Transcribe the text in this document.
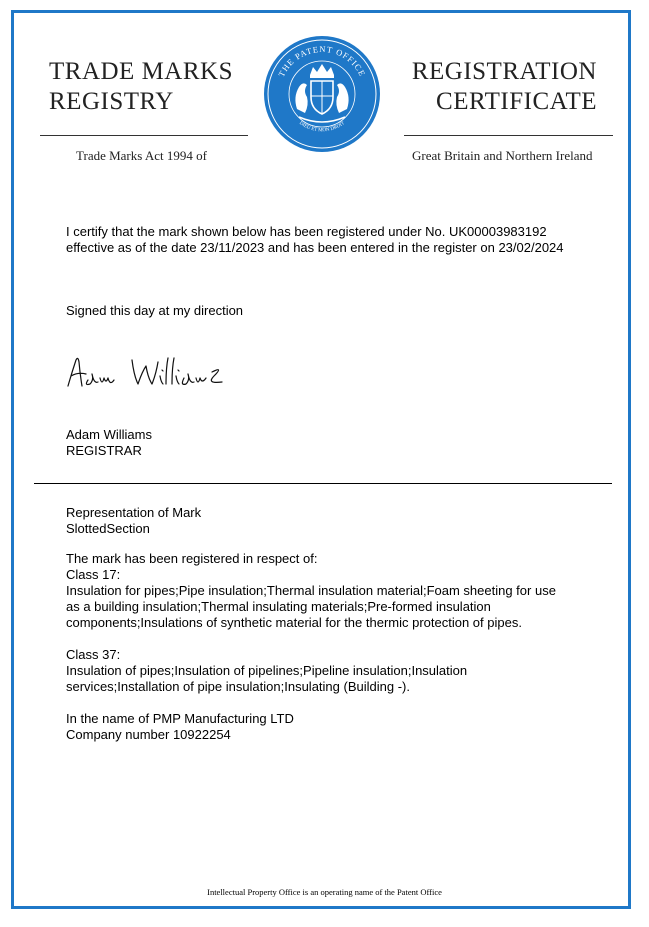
TRADE MARKS
REGISTRY
REGISTRATION
CERTIFICATE
Trade Marks Act 1994 of	Great Britain and Northern Ireland
THE PATENT OFFICE
DIEU ET MON DROIT
I certify that the mark shown below has been registered under No. UK00003983192 effective as of the date 23/11/2023 and has been entered in the register on 23/02/2024
Signed this day at my direction
Adam Williams
REGISTRAR
Representation of Mark
SlottedSection

The mark has been registered in respect of:

Class 17:

Insulation for pipes;Pipe insulation;Thermal insulation material;Foam sheeting for use as a building insulation;Thermal insulating materials;Pre-formed insulation components;Insulations of synthetic material for the thermic protection of pipes.

Class 37:

Insulation of pipes;Insulation of pipelines;Pipeline insulation;Insulation services;Installation of pipe insulation;Insulating (Building -).

In the name of PMP Manufacturing LTD

Company number 10922254

Intellectual Property Office is an operating name of the Patent Office
